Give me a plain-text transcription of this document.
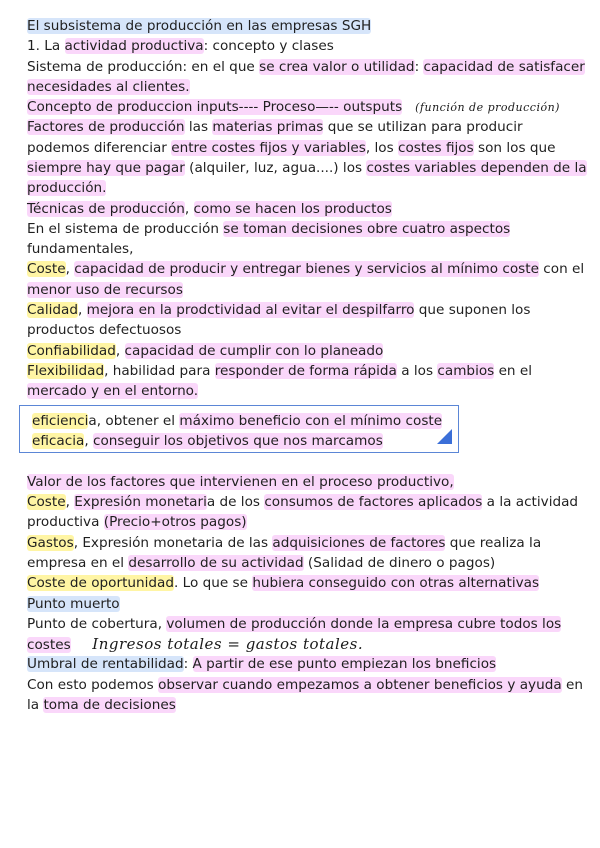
El subsistema de producción en las empresas SGH
1. La actividad productiva: concepto y clases
Sistema de producción: en el que se crea valor o utilidad: capacidad de satisfacer
necesidades al clientes.
Concepto de produccion inputs---- Proceso—-- outsputs (función de producción)
Factores de producción las materias primas que se utilizan para producir
podemos diferenciar entre costes fijos y variables, los costes fijos son los que
siempre hay que pagar (alquiler, luz, agua....) los costes variables dependen de la
producción.
Técnicas de producción, como se hacen los productos
En el sistema de producción se toman decisiones obre cuatro aspectos
fundamentales,
Coste, capacidad de producir y entregar bienes y servicios al mínimo coste con el
menor uso de recursos
Calidad, mejora en la prodctividad al evitar el despilfarro que suponen los
productos defectuosos
Confiabilidad, capacidad de cumplir con lo planeado
Flexibilidad, habilidad para responder de forma rápida a los cambios en el
mercado y en el entorno.
eficiencia, obtener el máximo beneficio con el mínimo coste
eficacia, conseguir los objetivos que nos marcamos
Valor de los factores que intervienen en el proceso productivo,
Coste, Expresión monetaria de los consumos de factores aplicados a la actividad
productiva (Precio+otros pagos)
Gastos, Expresión monetaria de las adquisiciones de factores que realiza la
empresa en el desarrollo de su actividad (Salidad de dinero o pagos)
Coste de oportunidad. Lo que se hubiera conseguido con otras alternativas
Punto muerto
Punto de cobertura, volumen de producción donde la empresa cubre todos los
costes Ingresos totales = gastos totales.
Umbral de rentabilidad: A partir de ese punto empiezan los bneficios
Con esto podemos observar cuando empezamos a obtener beneficios y ayuda en
la toma de decisiones
